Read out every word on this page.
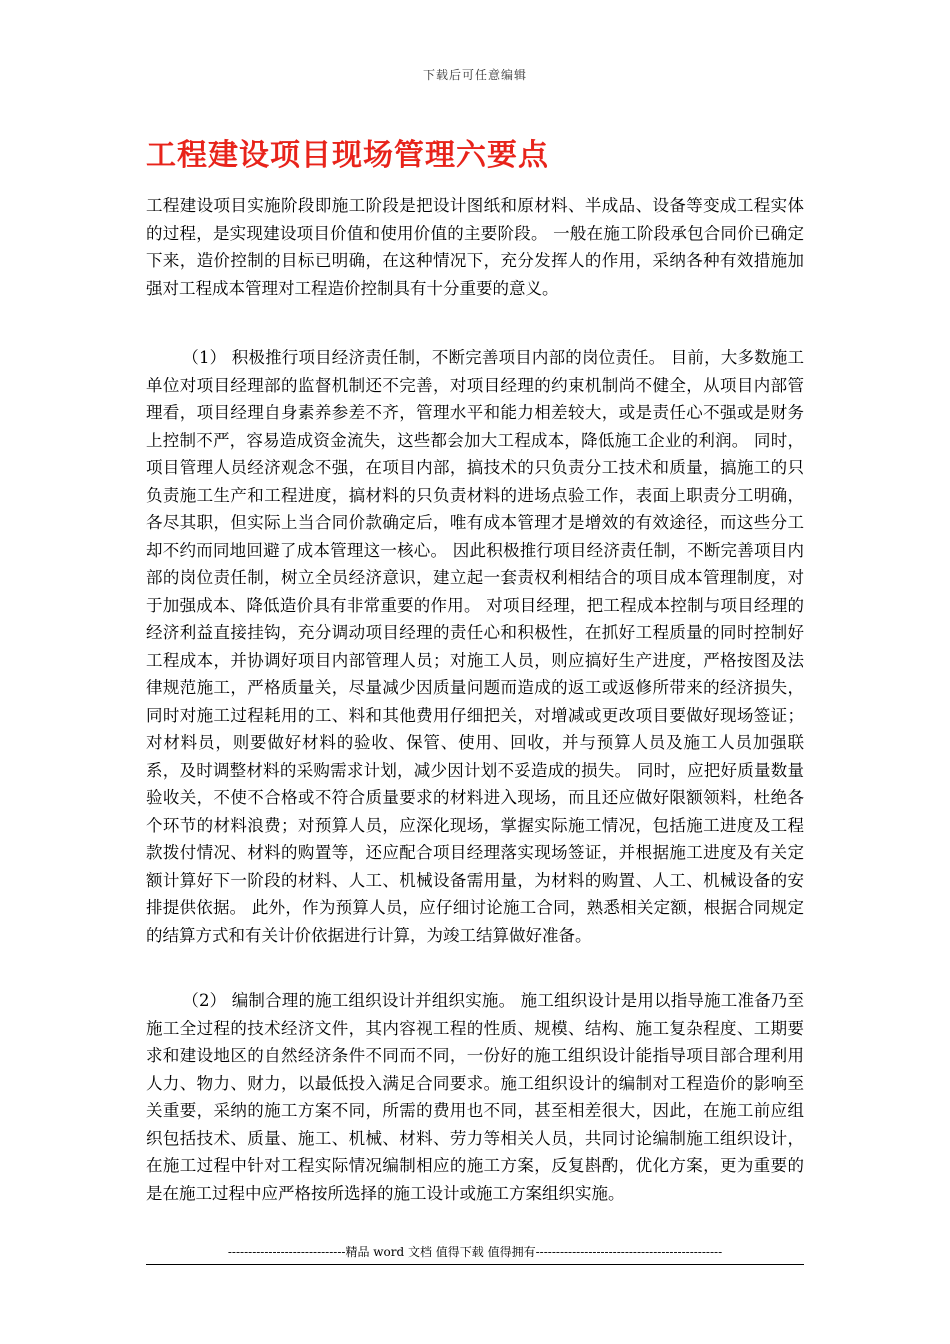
下载后可任意编辑
工程建设项目现场管理六要点

工程建设项目实施阶段即施工阶段是把设计图纸和原材料、半成品、设备等变成工程实体的过程，是实现建设项目价值和使用价值的主要阶段。 一般在施工阶段承包合同价已确定下来，造价控制的目标已明确，在这种情况下，充分发挥人的作用，采纳各种有效措施加强对工程成本管理对工程造价控制具有十分重要的意义。

（1） 积极推行项目经济责任制，不断完善项目内部的岗位责任。 目前，大多数施工单位对项目经理部的监督机制还不完善，对项目经理的约束机制尚不健全，从项目内部管理看，项目经理自身素养参差不齐，管理水平和能力相差较大，或是责任心不强或是财务上控制不严，容易造成资金流失，这些都会加大工程成本，降低施工企业的利润。 同时，项目管理人员经济观念不强，在项目内部，搞技术的只负责分工技术和质量，搞施工的只负责施工生产和工程进度，搞材料的只负责材料的进场点验工作，表面上职责分工明确，各尽其职，但实际上当合同价款确定后，唯有成本管理才是增效的有效途径，而这些分工却不约而同地回避了成本管理这一核心。 因此积极推行项目经济责任制，不断完善项目内部的岗位责任制，树立全员经济意识，建立起一套责权利相结合的项目成本管理制度，对于加强成本、降低造价具有非常重要的作用。 对项目经理，把工程成本控制与项目经理的经济利益直接挂钩，充分调动项目经理的责任心和积极性，在抓好工程质量的同时控制好工程成本，并协调好项目内部管理人员；对施工人员，则应搞好生产进度，严格按图及法律规范施工，严格质量关，尽量减少因质量问题而造成的返工或返修所带来的经济损失，同时对施工过程耗用的工、料和其他费用仔细把关，对增减或更改项目要做好现场签证；对材料员，则要做好材料的验收、保管、使用、回收，并与预算人员及施工人员加强联系，及时调整材料的采购需求计划，减少因计划不妥造成的损失。 同时，应把好质量数量验收关，不使不合格或不符合质量要求的材料进入现场，而且还应做好限额领料，杜绝各个环节的材料浪费；对预算人员，应深化现场，掌握实际施工情况，包括施工进度及工程款拨付情况、材料的购置等，还应配合项目经理落实现场签证，并根据施工进度及有关定额计算好下一阶段的材料、人工、机械设备需用量，为材料的购置、人工、机械设备的安排提供依据。 此外，作为预算人员，应仔细讨论施工合同，熟悉相关定额，根据合同规定的结算方式和有关计价依据进行计算，为竣工结算做好准备。

（2） 编制合理的施工组织设计并组织实施。 施工组织设计是用以指导施工准备乃至施工全过程的技术经济文件，其内容视工程的性质、规模、结构、施工复杂程度、工期要求和建设地区的自然经济条件不同而不同，一份好的施工组织设计能指导项目部合理利用人力、物力、财力，以最低投入满足合同要求。施工组织设计的编制对工程造价的影响至关重要，采纳的施工方案不同，所需的费用也不同，甚至相差很大，因此，在施工前应组织包括技术、质量、施工、机械、材料、劳力等相关人员，共同讨论编制施工组织设计，在施工过程中针对工程实际情况编制相应的施工方案，反复斟酌，优化方案，更为重要的是在施工过程中应严格按所选择的施工设计或施工方案组织实施。

-----------------------------精品 word 文档 值得下载 值得拥有----------------------------------------------
